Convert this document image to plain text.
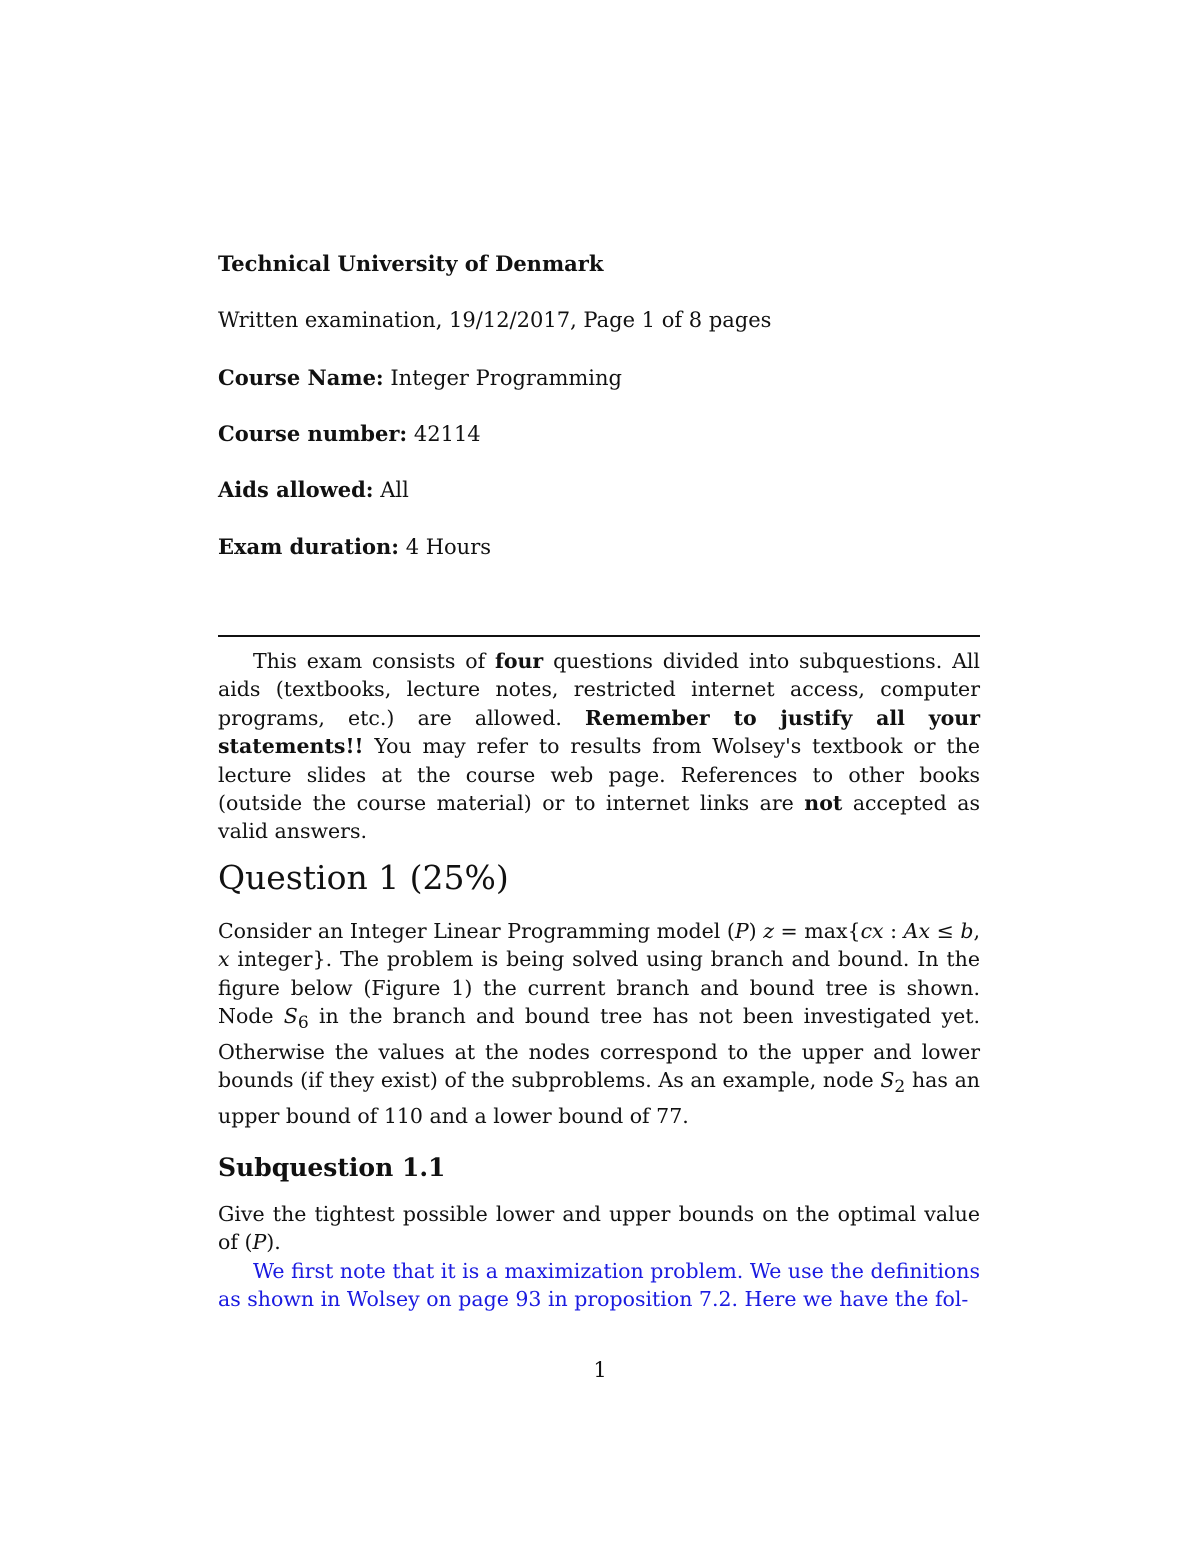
Technical University of Denmark
Written examination, 19/12/2017, Page 1 of 8 pages
Course Name: Integer Programming
Course number: 42114
Aids allowed: All
Exam duration: 4 Hours
This exam consists of four questions divided into subquestions. All aids (textbooks, lecture notes, restricted internet access, computer programs, etc.) are allowed. Remember to justify all your statements!! You may refer to results from Wolsey's textbook or the lecture slides at the course web page. References to other books (outside the course material) or to internet links are not accepted as valid answers.
Question 1 (25%)
Consider an Integer Linear Programming model (P) z = max{cx : Ax ≤ b, x integer}. The problem is being solved using branch and bound. In the figure below (Figure 1) the current branch and bound tree is shown. Node $S_6$ in the branch and bound tree has not been investigated yet. Otherwise the values at the nodes correspond to the upper and lower bounds (if they exist) of the subproblems. As an example, node $S_2$ has an upper bound of 110 and a lower bound of 77.
Subquestion 1.1
Give the tightest possible lower and upper bounds on the optimal value of (P).
We first note that it is a maximization problem. We use the definitions as shown in Wolsey on page 93 in proposition 7.2. Here we have the fol-
1
